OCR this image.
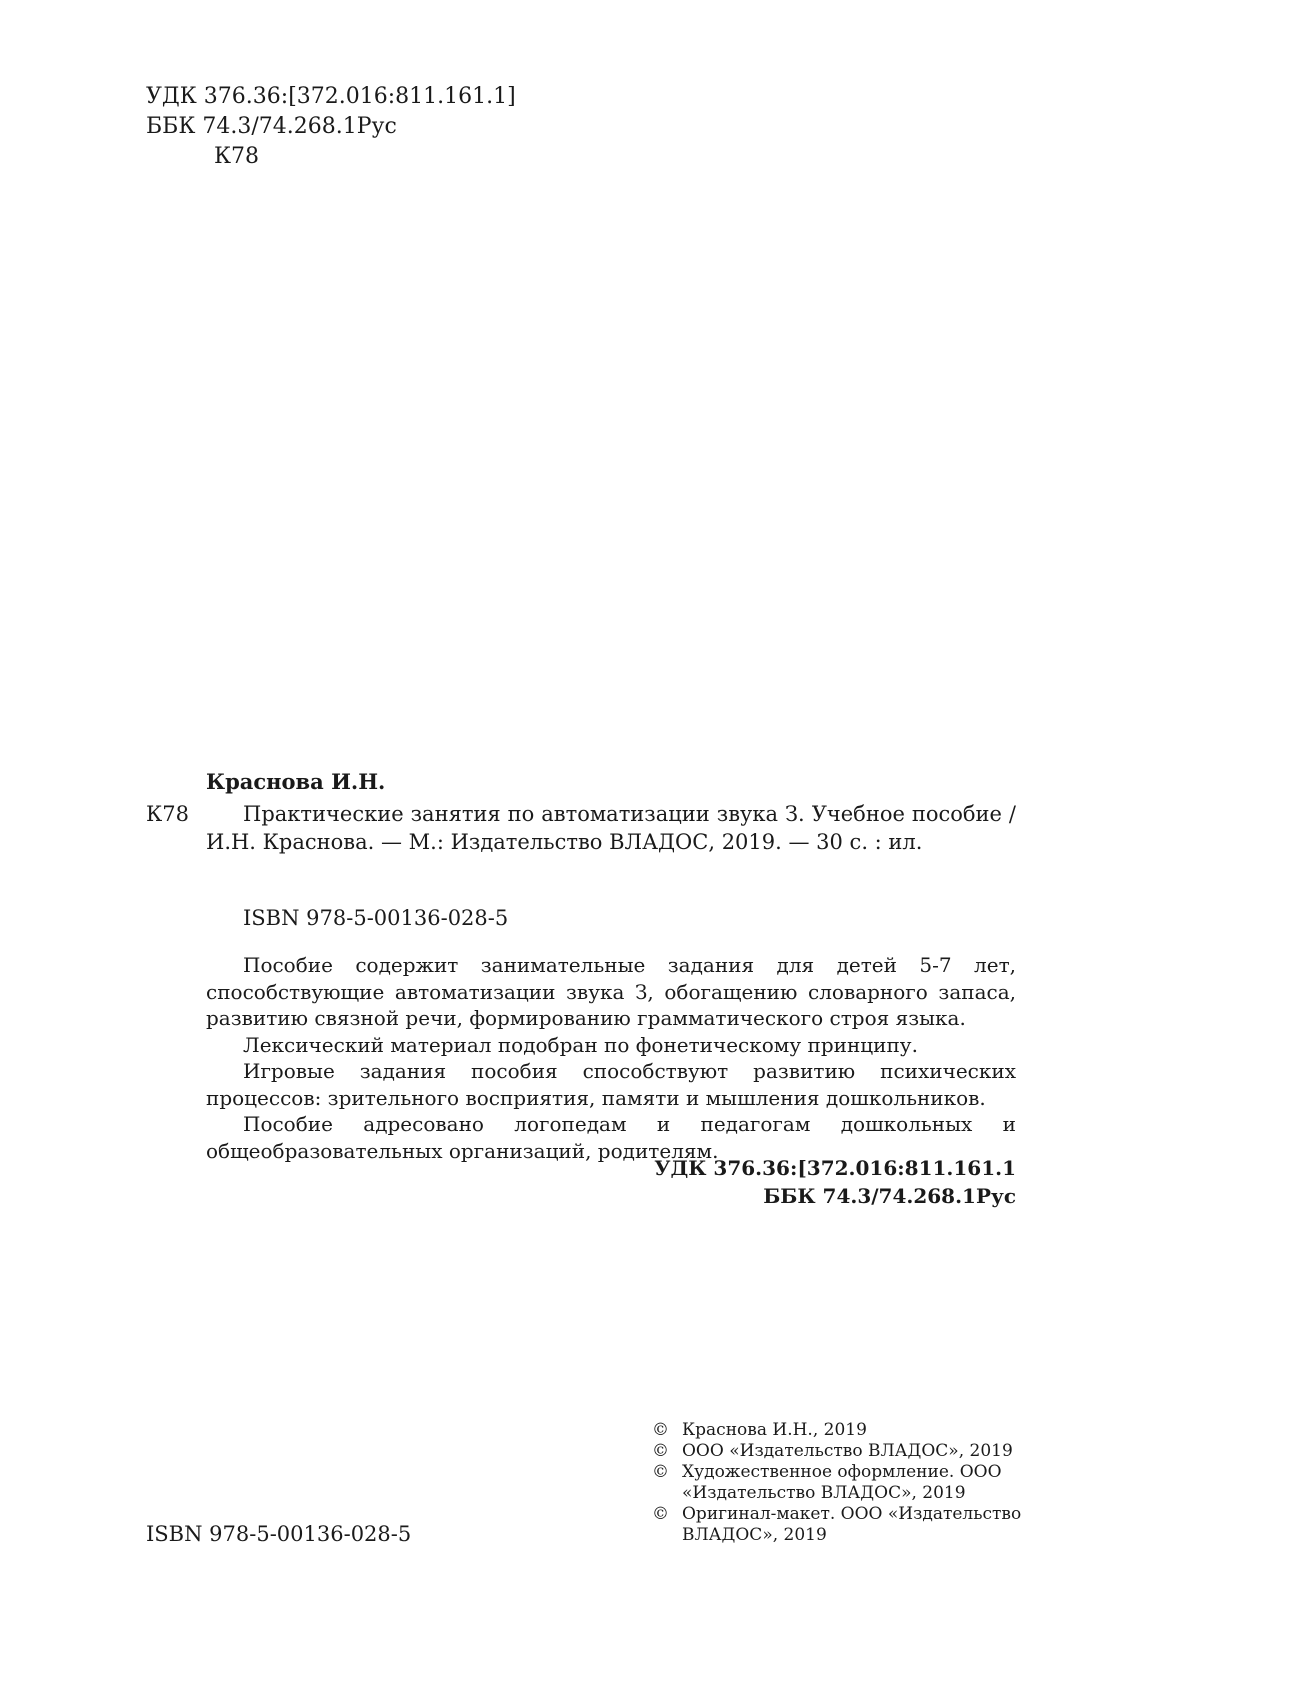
УДК 376.36:[372.016:811.161.1]
ББК 74.3/74.268.1Рус
К78
Краснова И.Н.
К78	Практические занятия по автоматизации звука З. Учебное пособие / И.Н. Краснова. — М.: Издательство ВЛАДОС, 2019. — 30 с. : ил.

ISBN 978-5-00136-028-5

Пособие содержит занимательные задания для детей 5-7 лет, способствующие автоматизации звука З, обогащению словарного запаса, развитию связной речи, формированию грамматического строя языка.

Лексический материал подобран по фонетическому принципу.

Игровые задания пособия способствуют развитию психических процессов: зрительного восприятия, памяти и мышления дошкольников.

Пособие адресовано логопедам и педагогам дошкольных и общеобразовательных организаций, родителям.

УДК 376.36:[372.016:811.161.1
ББК 74.3/74.268.1Рус
© Краснова И.Н., 2019
© ООО «Издательство ВЛАДОС», 2019
© Художественное оформление. ООО «Издательство ВЛАДОС», 2019
© Оригинал-макет. ООО «Издательство ВЛАДОС», 2019
ISBN 978-5-00136-028-5
